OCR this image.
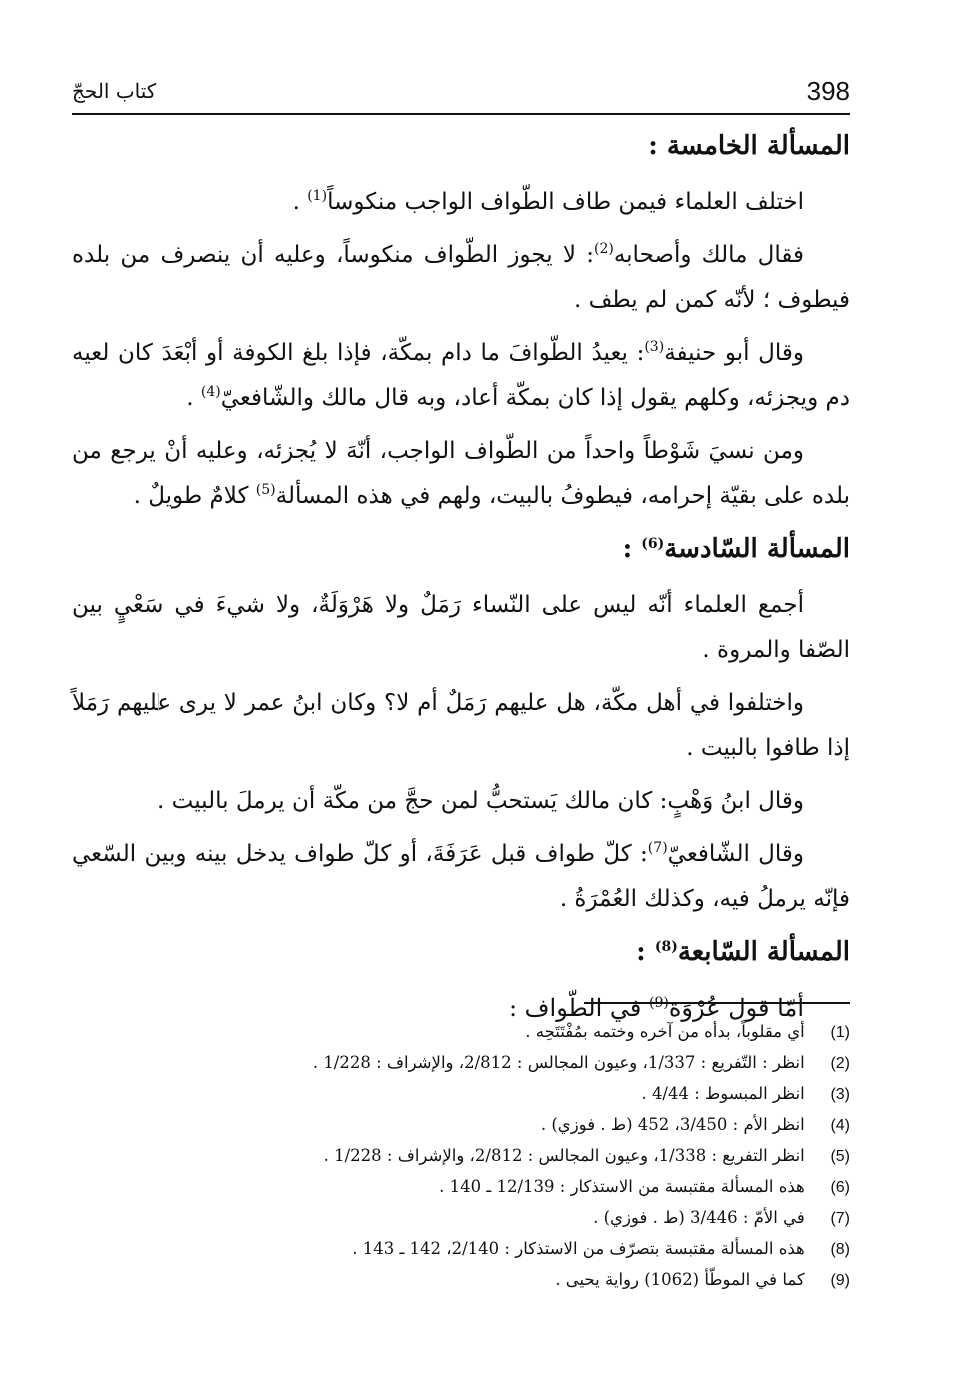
398
كتاب الحجّ
المسألة الخامسة :

اختلف العلماء فيمن طاف الطّواف الواجب منكوساً$^{(1)}$ .

فقال مالك وأصحابه$^{(2)}$: لا يجوز الطّواف منكوساً، وعليه أن ينصرف من بلده فيطوف ؛ لأنّه كمن لم يطف .

وقال أبو حنيفة$^{(3)}$: يعيدُ الطّوافَ ما دام بمكّة، فإذا بلغ الكوفة أو أبْعَدَ كان لعيه دم ويجزئه، وكلهم يقول إذا كان بمكّة أعاد، وبه قال مالك والشّافعيّ$^{(4)}$ .

ومن نسيَ شَوْطاً واحداً من الطّواف الواجب، أنّهَ لا يُجزئه، وعليه أنْ يرجع من بلده على بقيّة إحرامه، فيطوفُ بالبيت، ولهم في هذه المسألة$^{(5)}$ كلامٌ طويلٌ .

المسألة السّادسة$^{(6)}$ :

أجمع العلماء أنّه ليس على النّساء رَمَلٌ ولا هَرْوَلَةٌ، ولا شيءَ في سَعْيٍ بين الصّفا والمروة .

واختلفوا في أهل مكّة، هل عليهم رَمَلٌ أم لا؟ وكان ابنُ عمر لا يرى عليهم رَمَلاً إذا طافوا بالبيت .

وقال ابنُ وَهْبٍ: كان مالك يَستحبُّ لمن حجَّ من مكّة أن يرملَ بالبيت .

وقال الشّافعيّ$^{(7)}$: كلّ طواف قبل عَرَفَةَ، أو كلّ طواف يدخل بينه وبين السّعي فإنّه يرملُ فيه، وكذلك العُمْرَةُ .

المسألة السّابعة$^{(8)}$ :

أمّا قول عُرْوَة$^{(9)}$ في الطّواف :

(1) أي مقلوباً، بدأه من آخره وختمه بمُفْتَتَحِه .
(2) انظر : التّفريع : 1/337، وعيون المجالس : 2/812، والإشراف : 1/228 .
(3) انظر المبسوط : 4/44 .
(4) انظر الأم : 3/450، 452 (ط . فوزي) .
(5) انظر التفريع : 1/338، وعيون المجالس : 2/812، والإشراف : 1/228 .
(6) هذه المسألة مقتبسة من الاستذكار : 12/139 ـ 140 .
(7) في الأمّ : 3/446 (ط . فوزي) .
(8) هذه المسألة مقتبسة بتصرّف من الاستذكار : 2/140، 142 ـ 143 .
(9) كما في الموطّأ (1062) رواية يحيى .
